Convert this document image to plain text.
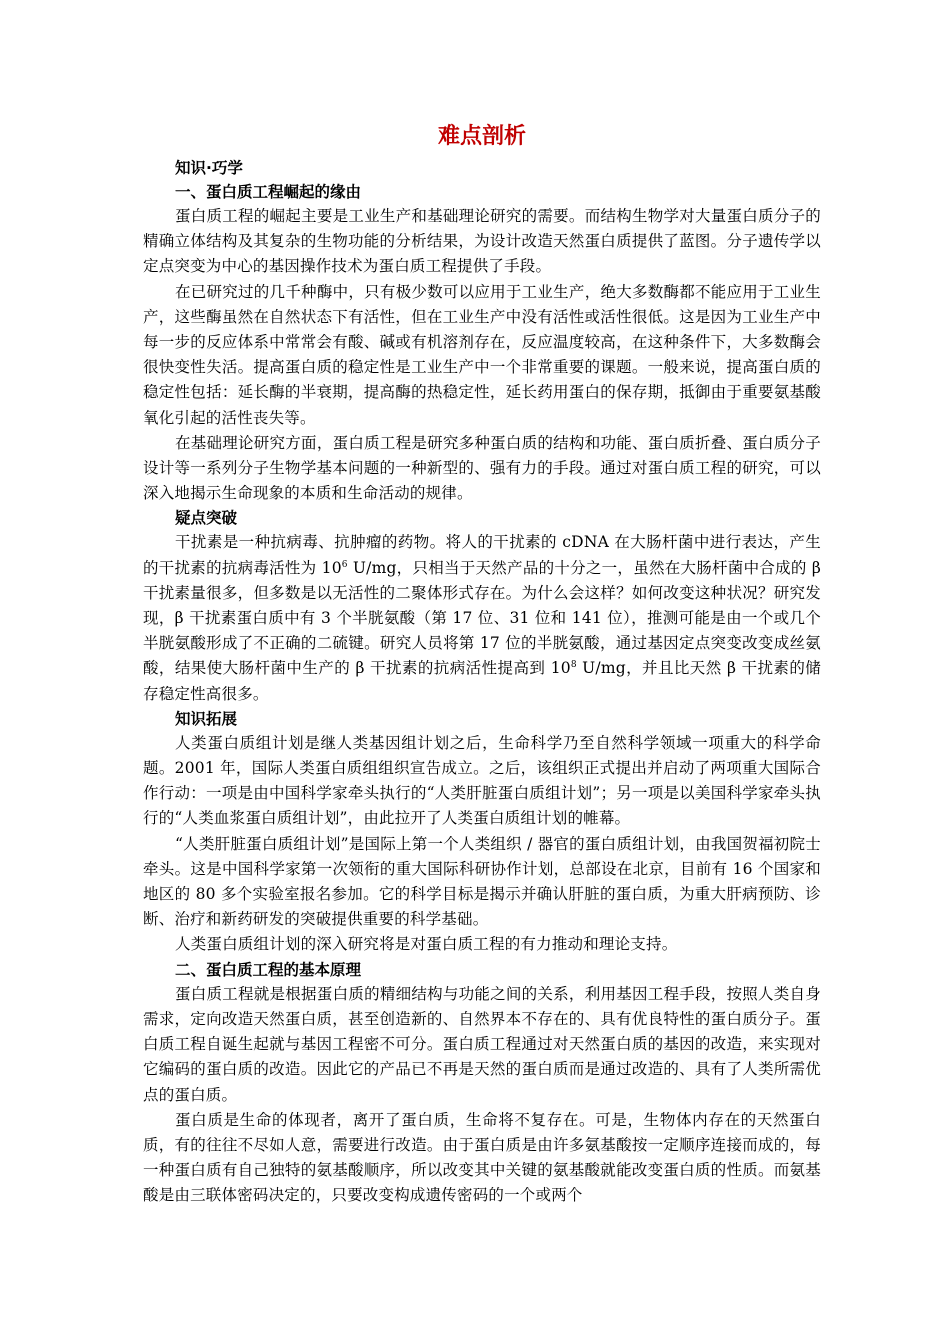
难点剖析

知识·巧学

一、蛋白质工程崛起的缘由

蛋白质工程的崛起主要是工业生产和基础理论研究的需要。而结构生物学对大量蛋白质分子的精确立体结构及其复杂的生物功能的分析结果，为设计改造天然蛋白质提供了蓝图。分子遗传学以定点突变为中心的基因操作技术为蛋白质工程提供了手段。

在已研究过的几千种酶中，只有极少数可以应用于工业生产，绝大多数酶都不能应用于工业生产，这些酶虽然在自然状态下有活性，但在工业生产中没有活性或活性很低。这是因为工业生产中每一步的反应体系中常常会有酸、碱或有机溶剂存在，反应温度较高，在这种条件下，大多数酶会很快变性失活。提高蛋白质的稳定性是工业生产中一个非常重要的课题。一般来说，提高蛋白质的稳定性包括：延长酶的半衰期，提高酶的热稳定性，延长药用蛋白的保存期，抵御由于重要氨基酸氧化引起的活性丧失等。

在基础理论研究方面，蛋白质工程是研究多种蛋白质的结构和功能、蛋白质折叠、蛋白质分子设计等一系列分子生物学基本问题的一种新型的、强有力的手段。通过对蛋白质工程的研究，可以深入地揭示生命现象的本质和生命活动的规律。

疑点突破

干扰素是一种抗病毒、抗肿瘤的药物。将人的干扰素的 cDNA 在大肠杆菌中进行表达，产生的干扰素的抗病毒活性为 $10^6$ U/mg，只相当于天然产品的十分之一，虽然在大肠杆菌中合成的 β 干扰素量很多，但多数是以无活性的二聚体形式存在。为什么会这样？如何改变这种状况？研究发现，β 干扰素蛋白质中有 3 个半胱氨酸（第 17 位、31 位和 141 位），推测可能是由一个或几个半胱氨酸形成了不正确的二硫键。研究人员将第 17 位的半胱氨酸，通过基因定点突变改变成丝氨酸，结果使大肠杆菌中生产的 β 干扰素的抗病活性提高到 $10^8$ U/mg，并且比天然 β 干扰素的储存稳定性高很多。

知识拓展

人类蛋白质组计划是继人类基因组计划之后，生命科学乃至自然科学领域一项重大的科学命题。2001 年，国际人类蛋白质组组织宣告成立。之后，该组织正式提出并启动了两项重大国际合作行动：一项是由中国科学家牵头执行的“人类肝脏蛋白质组计划”；另一项是以美国科学家牵头执行的“人类血浆蛋白质组计划”，由此拉开了人类蛋白质组计划的帷幕。

“人类肝脏蛋白质组计划”是国际上第一个人类组织 / 器官的蛋白质组计划，由我国贺福初院士牵头。这是中国科学家第一次领衔的重大国际科研协作计划，总部设在北京，目前有 16 个国家和地区的 80 多个实验室报名参加。它的科学目标是揭示并确认肝脏的蛋白质，为重大肝病预防、诊断、治疗和新药研发的突破提供重要的科学基础。

人类蛋白质组计划的深入研究将是对蛋白质工程的有力推动和理论支持。

二、蛋白质工程的基本原理

蛋白质工程就是根据蛋白质的精细结构与功能之间的关系，利用基因工程手段，按照人类自身需求，定向改造天然蛋白质，甚至创造新的、自然界本不存在的、具有优良特性的蛋白质分子。蛋白质工程自诞生起就与基因工程密不可分。蛋白质工程通过对天然蛋白质的基因的改造，来实现对它编码的蛋白质的改造。因此它的产品已不再是天然的蛋白质而是通过改造的、具有了人类所需优点的蛋白质。

蛋白质是生命的体现者，离开了蛋白质，生命将不复存在。可是，生物体内存在的天然蛋白质，有的往往不尽如人意，需要进行改造。由于蛋白质是由许多氨基酸按一定顺序连接而成的，每一种蛋白质有自己独特的氨基酸顺序，所以改变其中关键的氨基酸就能改变蛋白质的性质。而氨基酸是由三联体密码决定的，只要改变构成遗传密码的一个或两个
